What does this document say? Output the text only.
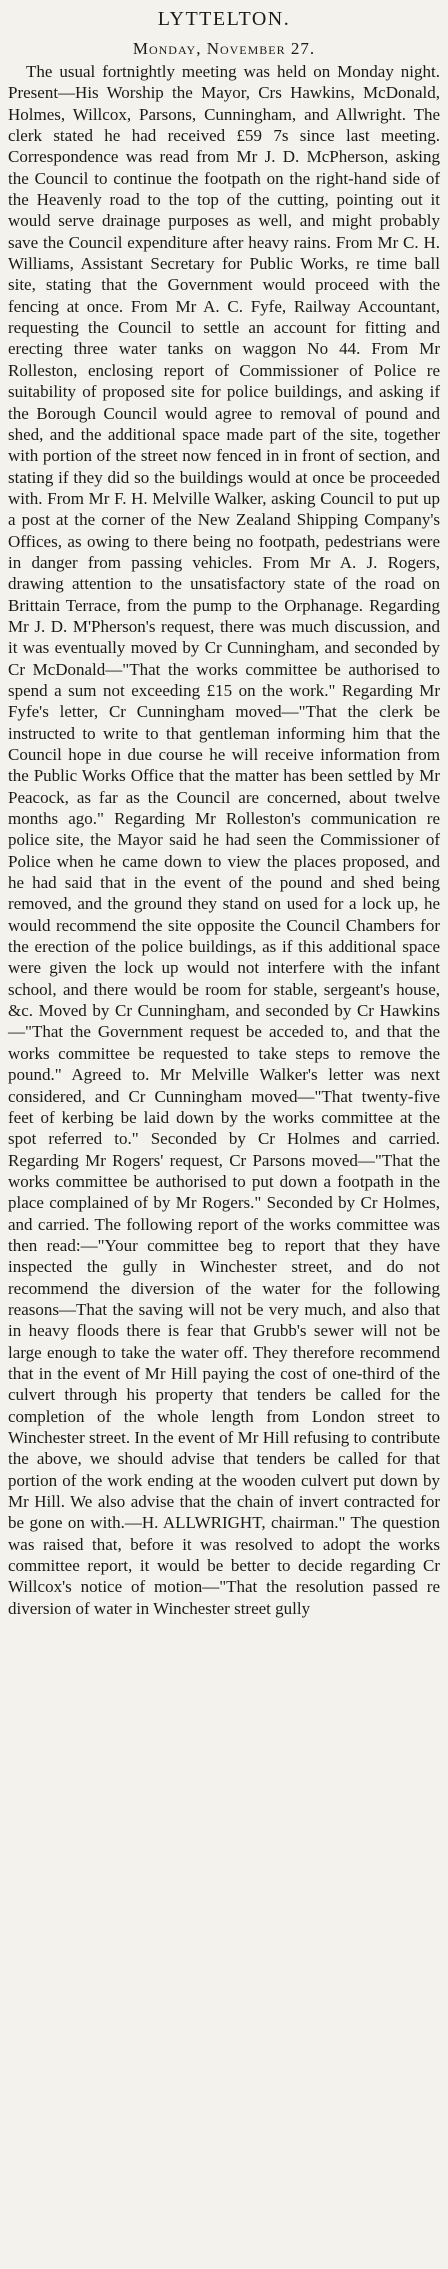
LYTTELTON.
Monday, November 27.

The usual fortnightly meeting was held on Monday night. Present—His Worship the Mayor, Crs Hawkins, McDonald, Holmes, Willcox, Parsons, Cunningham, and Allwright. The clerk stated he had received £59 7s since last meeting. Correspondence was read from Mr J. D. McPherson, asking the Council to continue the footpath on the right-hand side of the Heavenly road to the top of the cutting, pointing out it would serve drainage purposes as well, and might probably save the Council expenditure after heavy rains. From Mr C. H. Williams, Assistant Secretary for Public Works, re time ball site, stating that the Government would proceed with the fencing at once. From Mr A. C. Fyfe, Railway Accountant, requesting the Council to settle an account for fitting and erecting three water tanks on waggon No 44. From Mr Rolleston, enclosing report of Commissioner of Police re suitability of proposed site for police buildings, and asking if the Borough Council would agree to removal of pound and shed, and the additional space made part of the site, together with portion of the street now fenced in in front of section, and stating if they did so the buildings would at once be proceeded with. From Mr F. H. Melville Walker, asking Council to put up a post at the corner of the New Zealand Shipping Company's Offices, as owing to there being no footpath, pedestrians were in danger from passing vehicles. From Mr A. J. Rogers, drawing attention to the unsatisfactory state of the road on Brittain Terrace, from the pump to the Orphanage. Regarding Mr J. D. M'Pherson's request, there was much discussion, and it was eventually moved by Cr Cunningham, and seconded by Cr McDonald—"That the works committee be authorised to spend a sum not exceeding £15 on the work." Regarding Mr Fyfe's letter, Cr Cunningham moved—"That the clerk be instructed to write to that gentleman informing him that the Council hope in due course he will receive information from the Public Works Office that the matter has been settled by Mr Peacock, as far as the Council are concerned, about twelve months ago." Regarding Mr Rolleston's communication re police site, the Mayor said he had seen the Commissioner of Police when he came down to view the places proposed, and he had said that in the event of the pound and shed being removed, and the ground they stand on used for a lock up, he would recommend the site opposite the Council Chambers for the erection of the police buildings, as if this additional space were given the lock up would not interfere with the infant school, and there would be room for stable, sergeant's house, &c. Moved by Cr Cunningham, and seconded by Cr Hawkins—"That the Government request be acceded to, and that the works committee be requested to take steps to remove the pound." Agreed to. Mr Melville Walker's letter was next considered, and Cr Cunningham moved—"That twenty-five feet of kerbing be laid down by the works committee at the spot referred to." Seconded by Cr Holmes and carried. Regarding Mr Rogers' request, Cr Parsons moved—"That the works committee be authorised to put down a footpath in the place complained of by Mr Rogers." Seconded by Cr Holmes, and carried. The following report of the works committee was then read:—"Your committee beg to report that they have inspected the gully in Winchester street, and do not recommend the diversion of the water for the following reasons—That the saving will not be very much, and also that in heavy floods there is fear that Grubb's sewer will not be large enough to take the water off. They therefore recommend that in the event of Mr Hill paying the cost of one-third of the culvert through his property that tenders be called for the completion of the whole length from London street to Winchester street. In the event of Mr Hill refusing to contribute the above, we should advise that tenders be called for that portion of the work ending at the wooden culvert put down by Mr Hill. We also advise that the chain of invert contracted for be gone on with.—H. ALLWRIGHT, chairman." The question was raised that, before it was resolved to adopt the works committee report, it would be better to decide regarding Cr Willcox's notice of motion—"That the resolution passed re diversion of water in Winchester street gully
